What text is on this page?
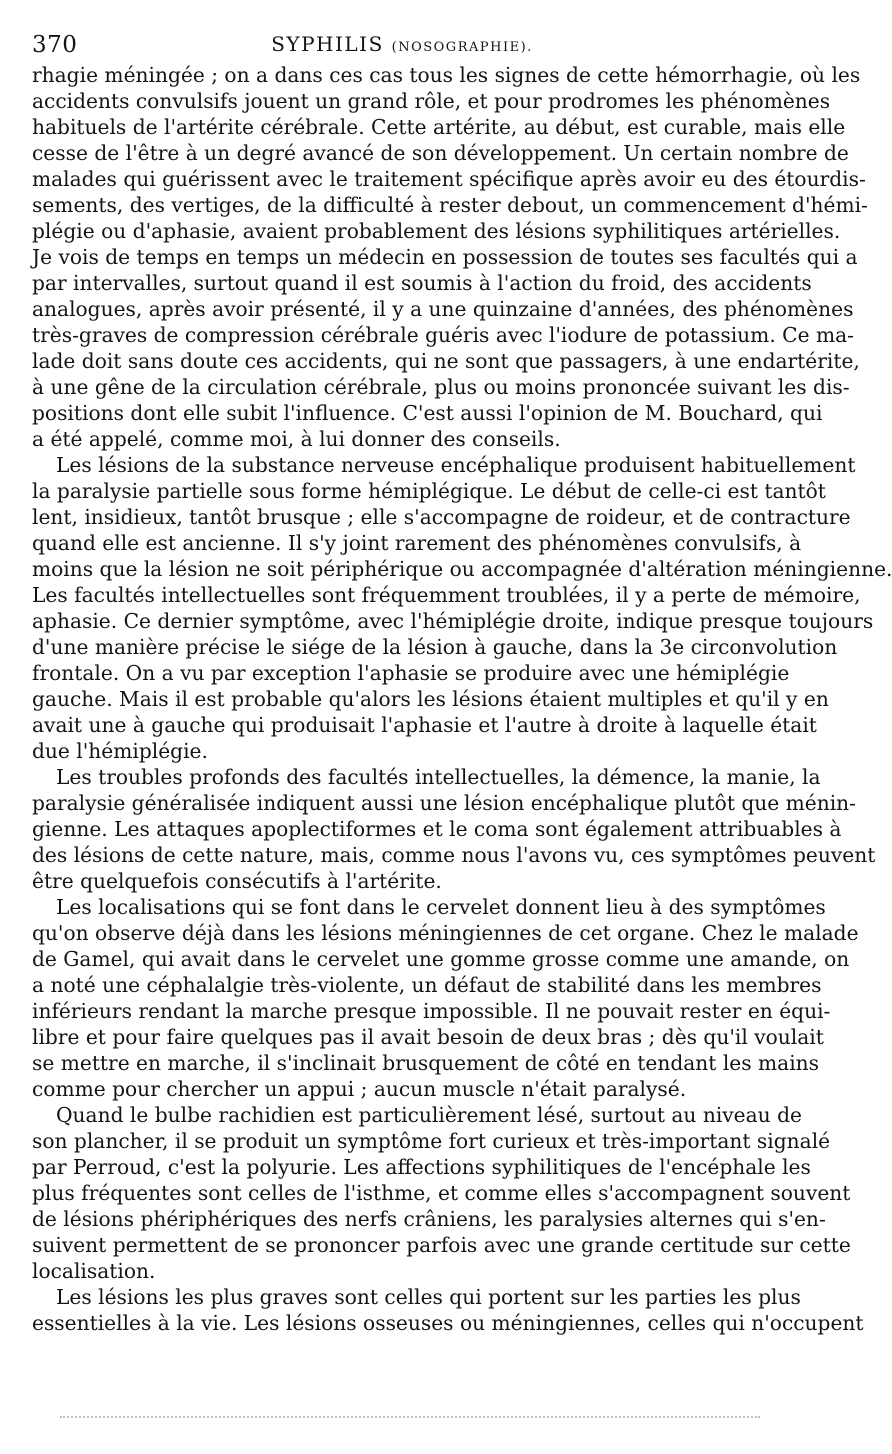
370	SYPHILIS (NOSOGRAPHIE).
rhagie méningée ; on a dans ces cas tous les signes de cette hémorrhagie, où les
accidents convulsifs jouent un grand rôle, et pour prodromes les phénomènes
habituels de l'artérite cérébrale. Cette artérite, au début, est curable, mais elle
cesse de l'être à un degré avancé de son développement. Un certain nombre de
malades qui guérissent avec le traitement spécifique après avoir eu des étourdis-
sements, des vertiges, de la difficulté à rester debout, un commencement d'hémi-
plégie ou d'aphasie, avaient probablement des lésions syphilitiques artérielles.
Je vois de temps en temps un médecin en possession de toutes ses facultés qui a
par intervalles, surtout quand il est soumis à l'action du froid, des accidents
analogues, après avoir présenté, il y a une quinzaine d'années, des phénomènes
très-graves de compression cérébrale guéris avec l'iodure de potassium. Ce ma-
lade doit sans doute ces accidents, qui ne sont que passagers, à une endartérite,
à une gêne de la circulation cérébrale, plus ou moins prononcée suivant les dis-
positions dont elle subit l'influence. C'est aussi l'opinion de M. Bouchard, qui
a été appelé, comme moi, à lui donner des conseils.
Les lésions de la substance nerveuse encéphalique produisent habituellement
la paralysie partielle sous forme hémiplégique. Le début de celle-ci est tantôt
lent, insidieux, tantôt brusque ; elle s'accompagne de roideur, et de contracture
quand elle est ancienne. Il s'y joint rarement des phénomènes convulsifs, à
moins que la lésion ne soit périphérique ou accompagnée d'altération méningienne.
Les facultés intellectuelles sont fréquemment troublées, il y a perte de mémoire,
aphasie. Ce dernier symptôme, avec l'hémiplégie droite, indique presque toujours
d'une manière précise le siége de la lésion à gauche, dans la 3e circonvolution
frontale. On a vu par exception l'aphasie se produire avec une hémiplégie
gauche. Mais il est probable qu'alors les lésions étaient multiples et qu'il y en
avait une à gauche qui produisait l'aphasie et l'autre à droite à laquelle était
due l'hémiplégie.
Les troubles profonds des facultés intellectuelles, la démence, la manie, la
paralysie généralisée indiquent aussi une lésion encéphalique plutôt que ménin-
gienne. Les attaques apoplectiformes et le coma sont également attribuables à
des lésions de cette nature, mais, comme nous l'avons vu, ces symptômes peuvent
être quelquefois consécutifs à l'artérite.
Les localisations qui se font dans le cervelet donnent lieu à des symptômes
qu'on observe déjà dans les lésions méningiennes de cet organe. Chez le malade
de Gamel, qui avait dans le cervelet une gomme grosse comme une amande, on
a noté une céphalalgie très-violente, un défaut de stabilité dans les membres
inférieurs rendant la marche presque impossible. Il ne pouvait rester en équi-
libre et pour faire quelques pas il avait besoin de deux bras ; dès qu'il voulait
se mettre en marche, il s'inclinait brusquement de côté en tendant les mains
comme pour chercher un appui ; aucun muscle n'était paralysé.
Quand le bulbe rachidien est particulièrement lésé, surtout au niveau de
son plancher, il se produit un symptôme fort curieux et très-important signalé
par Perroud, c'est la polyurie. Les affections syphilitiques de l'encéphale les
plus fréquentes sont celles de l'isthme, et comme elles s'accompagnent souvent
de lésions phériphériques des nerfs crâniens, les paralysies alternes qui s'en-
suivent permettent de se prononcer parfois avec une grande certitude sur cette
localisation.
Les lésions les plus graves sont celles qui portent sur les parties les plus
essentielles à la vie. Les lésions osseuses ou méningiennes, celles qui n'occupent
